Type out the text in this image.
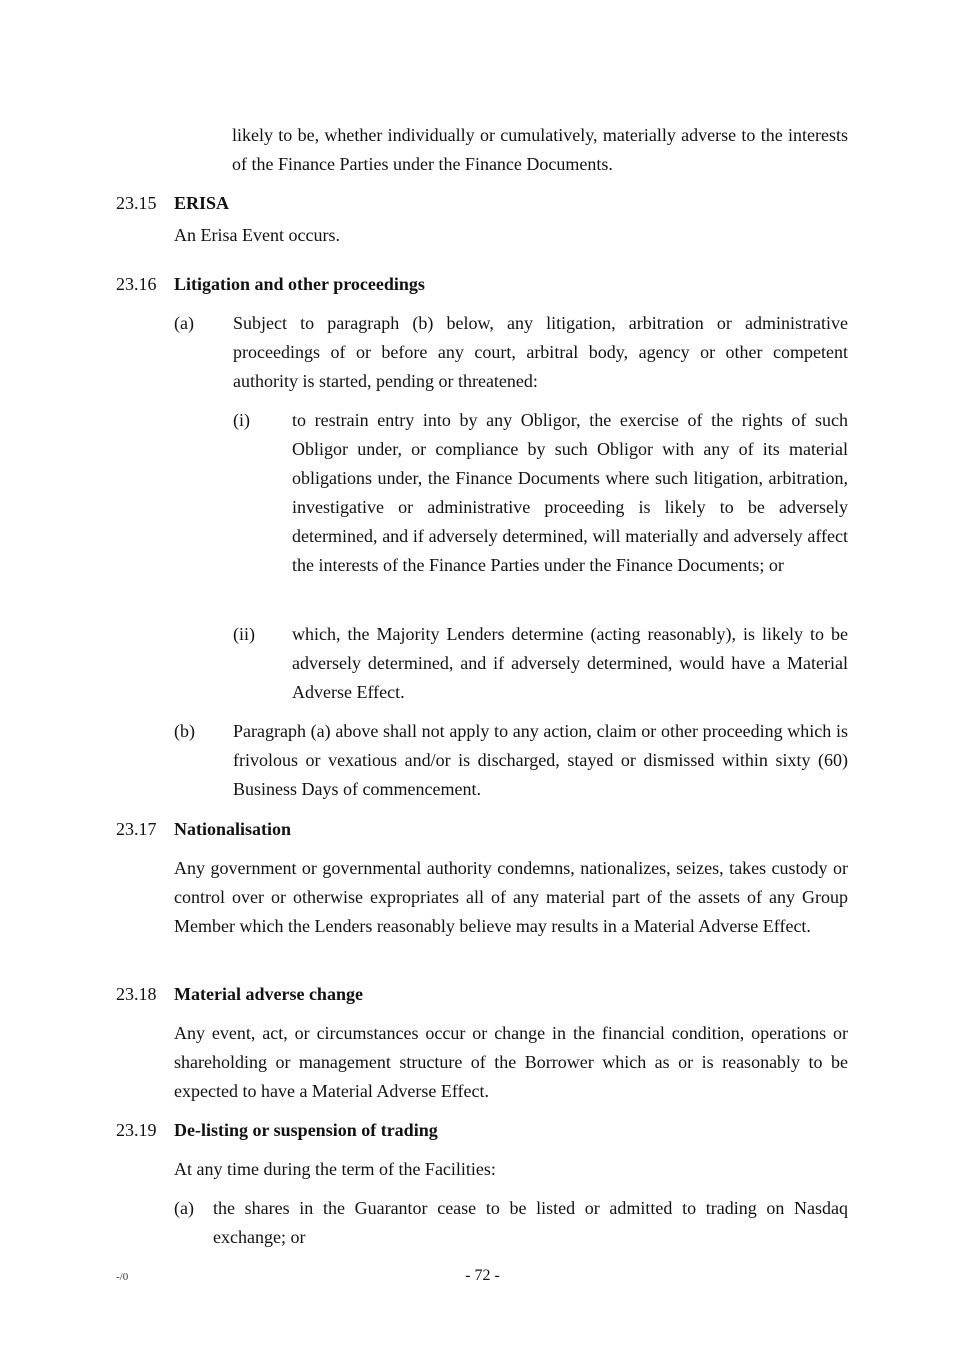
likely to be, whether individually or cumulatively, materially adverse to the interests of the Finance Parties under the Finance Documents.

23.15 ERISA

An Erisa Event occurs.

23.16 Litigation and other proceedings
(a) Subject to paragraph (b) below, any litigation, arbitration or administrative proceedings of or before any court, arbitral body, agency or other competent authority is started, pending or threatened:

(i) to restrain entry into by any Obligor, the exercise of the rights of such Obligor under, or compliance by such Obligor with any of its material obligations under, the Finance Documents where such litigation, arbitration, investigative or administrative proceeding is likely to be adversely determined, and if adversely determined, will materially and adversely affect the interests of the Finance Parties under the Finance Documents; or

(ii) which, the Majority Lenders determine (acting reasonably), is likely to be adversely determined, and if adversely determined, would have a Material Adverse Effect.

(b) Paragraph (a) above shall not apply to any action, claim or other proceeding which is frivolous or vexatious and/or is discharged, stayed or dismissed within sixty (60) Business Days of commencement.

23.17 Nationalisation

Any government or governmental authority condemns, nationalizes, seizes, takes custody or control over or otherwise expropriates all of any material part of the assets of any Group Member which the Lenders reasonably believe may results in a Material Adverse Effect.

23.18 Material adverse change

Any event, act, or circumstances occur or change in the financial condition, operations or shareholding or management structure of the Borrower which as or is reasonably to be expected to have a Material Adverse Effect.

23.19 De-listing or suspension of trading

At any time during the term of the Facilities:

(a) the shares in the Guarantor cease to be listed or admitted to trading on Nasdaq exchange; or

-/0	- 72 -
